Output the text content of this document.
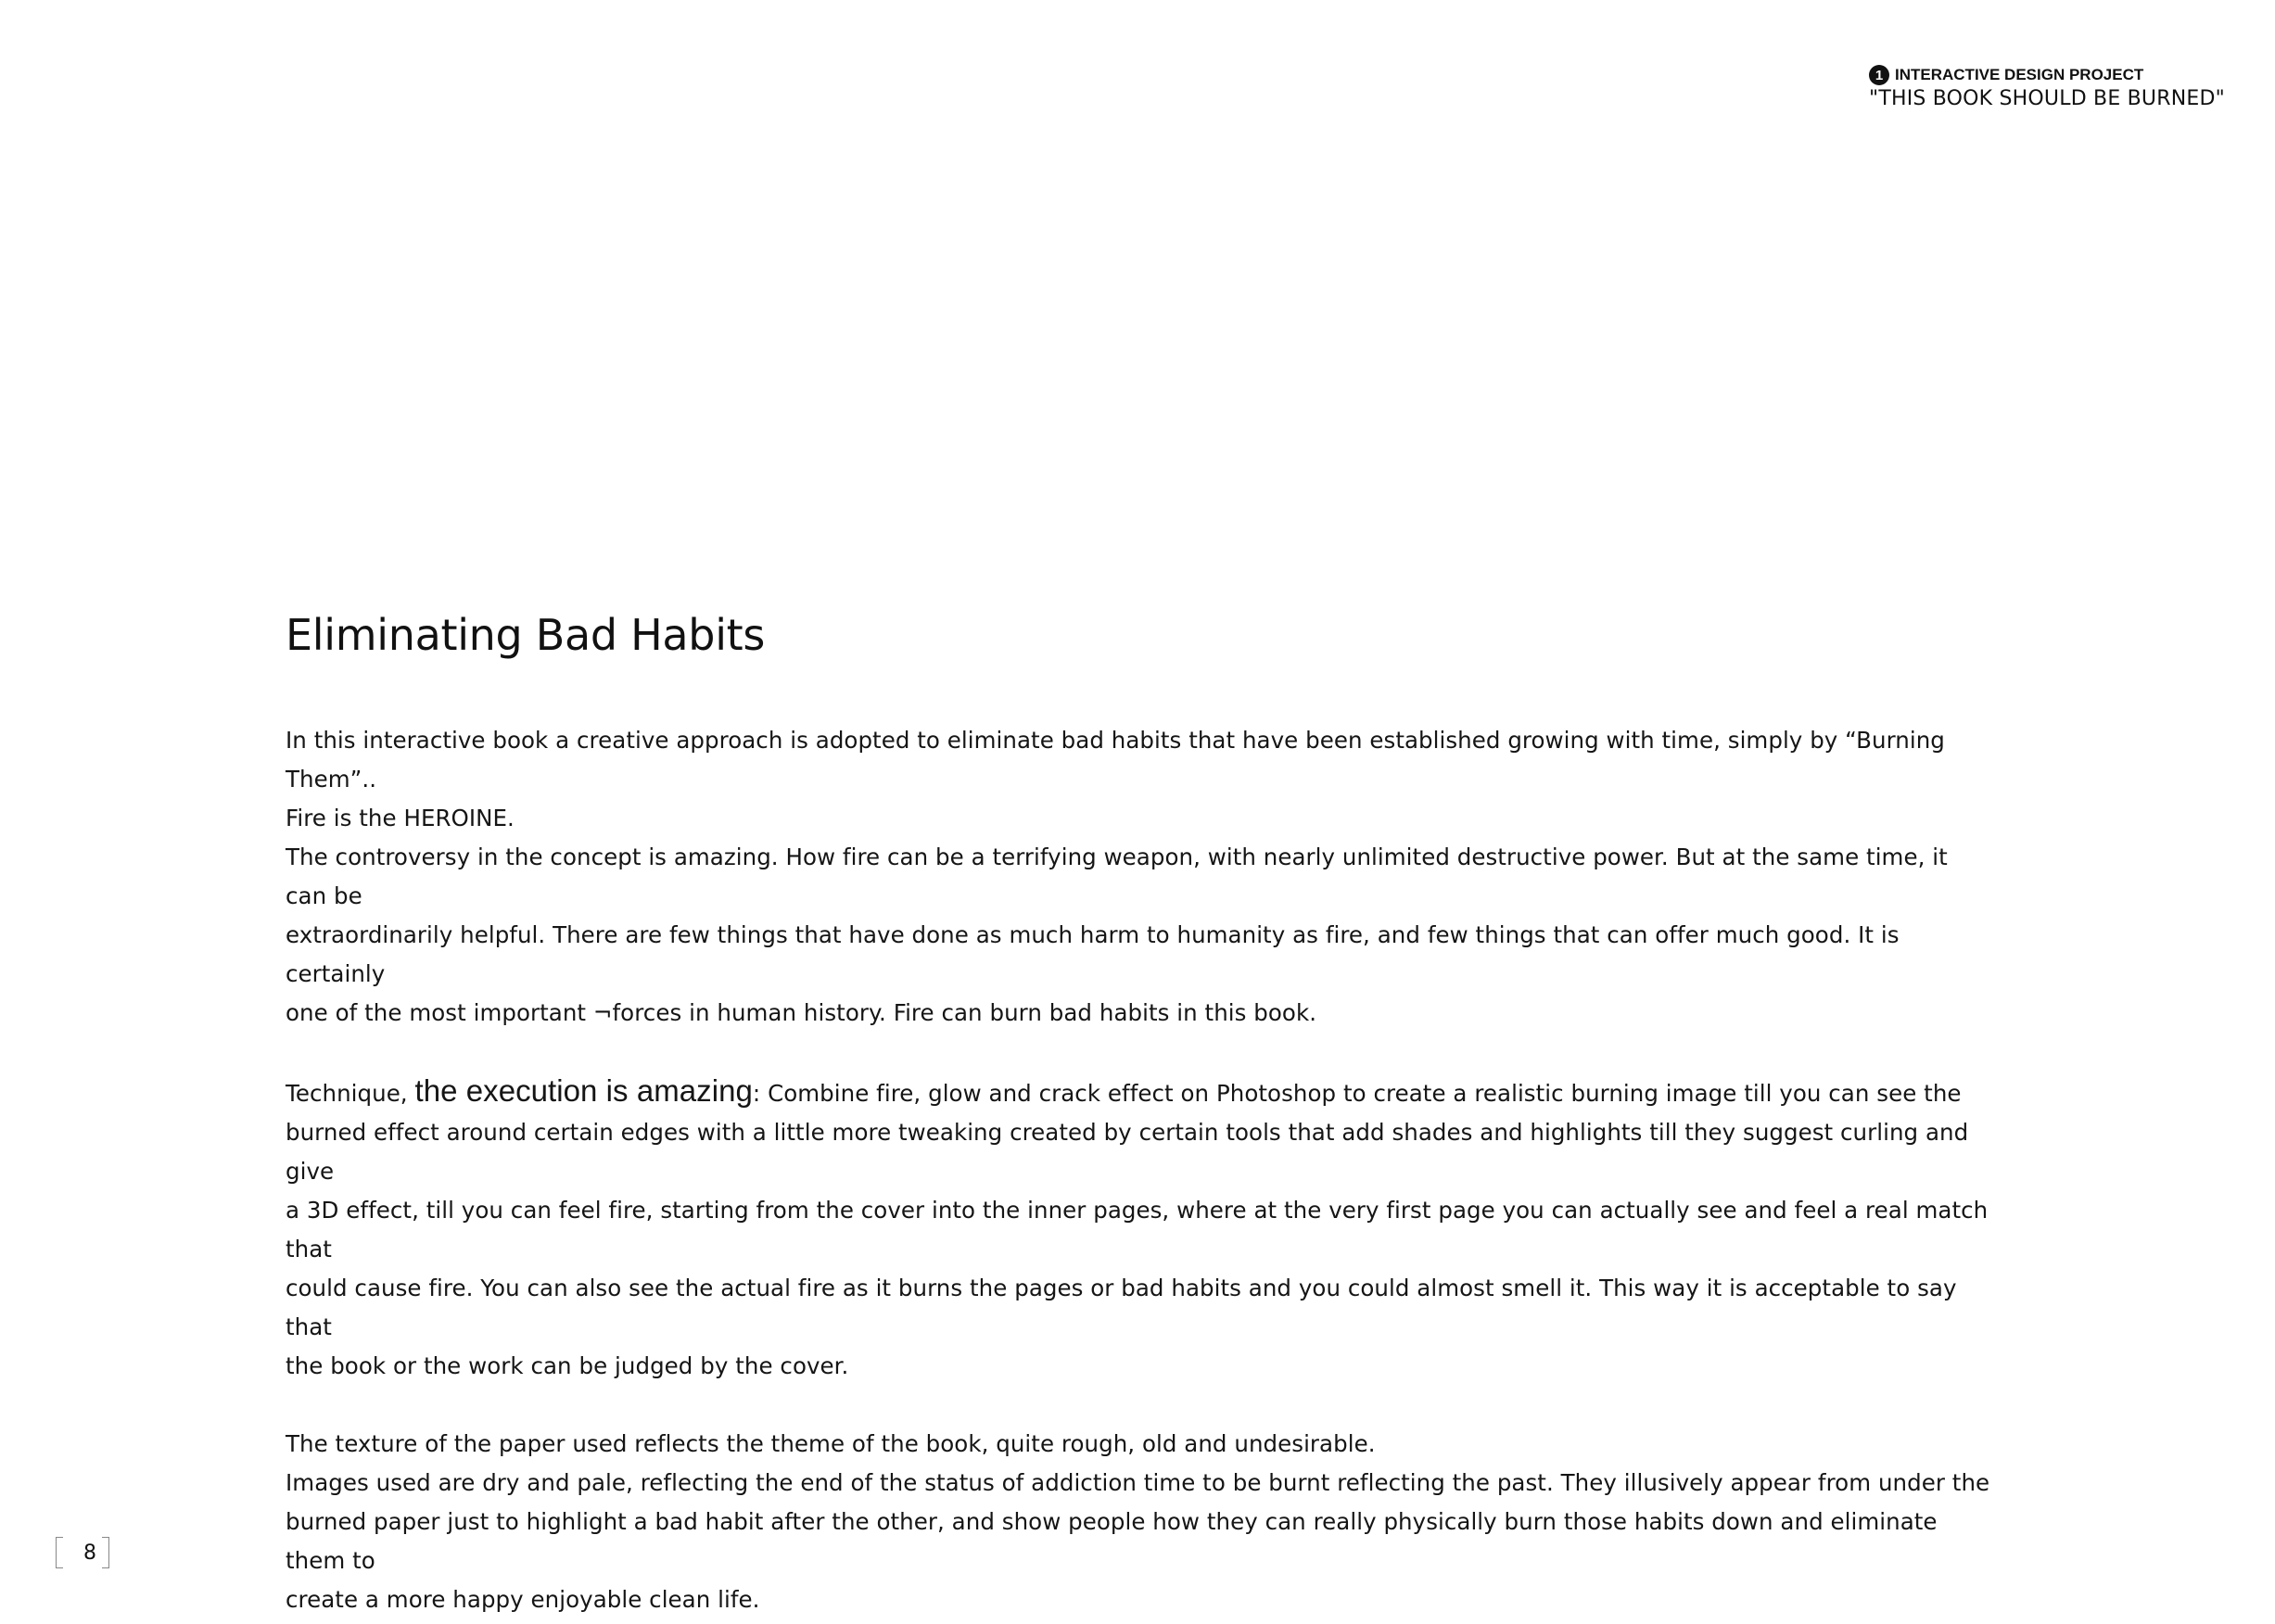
1 INTERACTIVE DESIGN PROJECT
"THIS BOOK SHOULD BE BURNED"
Eliminating Bad Habits
In this interactive book a creative approach is adopted to eliminate bad habits that have been established growing with time, simply by “Burning Them”..
Fire is the HEROINE.
The controversy in the concept is amazing. How fire can be a terrifying weapon, with nearly unlimited destructive power. But at the same time, it can be
extraordinarily helpful. There are few things that have done as much harm to humanity as fire, and few things that can offer much good. It is certainly
one of the most important ¬forces in human history. Fire can burn bad habits in this book.
Technique, the execution is amazing: Combine fire, glow and crack effect on Photoshop to create a realistic burning image till you can see the
burned effect around certain edges with a little more tweaking created by certain tools that add shades and highlights till they suggest curling and give
a 3D effect, till you can feel fire, starting from the cover into the inner pages, where at the very first page you can actually see and feel a real match that
could cause fire. You can also see the actual fire as it burns the pages or bad habits and you could almost smell it. This way it is acceptable to say that
the book or the work can be judged by the cover.
The texture of the paper used reflects the theme of the book, quite rough, old and undesirable.
Images used are dry and pale, reflecting the end of the status of addiction time to be burnt reflecting the past. They illusively appear from under the
burned paper just to highlight a bad habit after the other, and show people how they can really physically burn those habits down and eliminate them to
create a more happy enjoyable clean life.
8
